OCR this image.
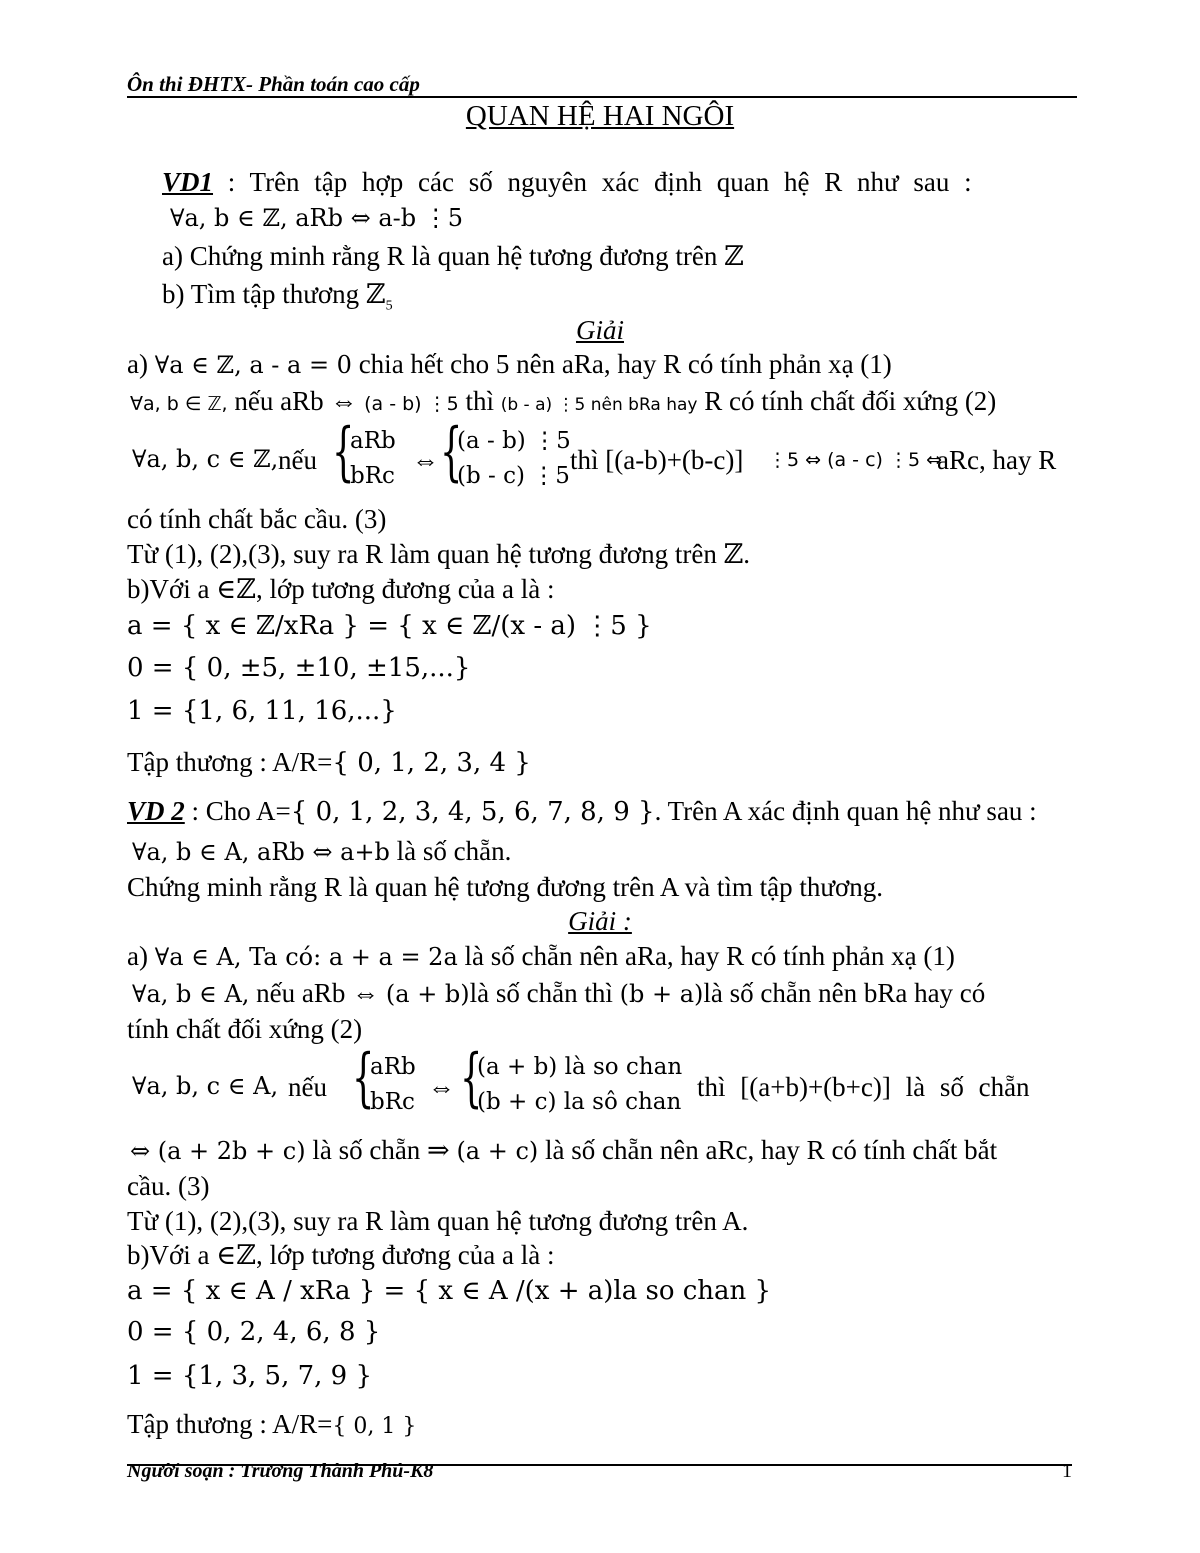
Ôn thi ĐHTX- Phần toán cao cấp
QUAN HỆ HAI NGÔI
VD1 : Trên tập hợp các số nguyên xác định quan hệ R như sau :
∀a, b ∈ ℤ, aRb ⇔ a-b ⋮5
a) Chứng minh rằng R là quan hệ tương đương trên ℤ
b) Tìm tập thương ℤ$_5$
Giải
a) ∀a ∈ ℤ, a - a = 0 chia hết cho 5 nên aRa, hay R có tính phản xạ (1)
∀a, b ∈ ℤ, nếu aRb ⇔ (a - b) ⋮5 thì (b - a) ⋮5 nên bRa hay R có tính chất đối xứng (2)
∀a, b, c ∈ ℤ, nếu {
aRb
bRc
⇔ {
(a - b) ⋮5
(b - c) ⋮5
thì [(a-b)+(b-c)] ⋮5 ⇔ (a - c) ⋮5 ⇔
aRc, hay R
có tính chất bắc cầu. (3)
Từ (1), (2),(3), suy ra R làm quan hệ tương đương trên ℤ.
b)Với a ∈ℤ, lớp tương đương của a là :
a = { x ∈ ℤ/xRa } = { x ∈ ℤ/(x - a) ⋮5 }
0 = { 0, ±5, ±10, ±15,...}
1 = {1, 6, 11, 16,...}
Tập thương : A/R={ 0, 1, 2, 3, 4 }
VD 2 : Cho A={ 0, 1, 2, 3, 4, 5, 6, 7, 8, 9 }. Trên A xác định quan hệ như sau :
∀a, b ∈ A, aRb ⇔ a+b là số chẵn.
Chứng minh rằng R là quan hệ tương đương trên A và tìm tập thương.
Giải :
a) ∀a ∈ A, Ta có: a + a = 2a là số chẵn nên aRa, hay R có tính phản xạ (1)
∀a, b ∈ A, nếu aRb ⇔ (a + b)là số chẵn thì (b + a)là số chẵn nên bRa hay có
tính chất đối xứng (2)
∀a, b, c ∈ A, nếu {
aRb
bRc ⇔ {
(a + b) là so chan
(b + c) la sô chan thì [(a+b)+(b+c)] là số chẵn
⇔ (a + 2b + c) là số chẵn ⇒ (a + c) là số chẵn nên aRc, hay R có tính chất bắt
cầu. (3)
Từ (1), (2),(3), suy ra R làm quan hệ tương đương trên A.
b)Với a ∈ℤ, lớp tương đương của a là :
a = { x ∈ A / xRa } = { x ∈ A /(x + a)la so chan }
0 = { 0, 2, 4, 6, 8 }
1 = {1, 3, 5, 7, 9 }
Tập thương : A/R={ 0, 1 }
Người soạn : Trương Thành Phú-K8	1
